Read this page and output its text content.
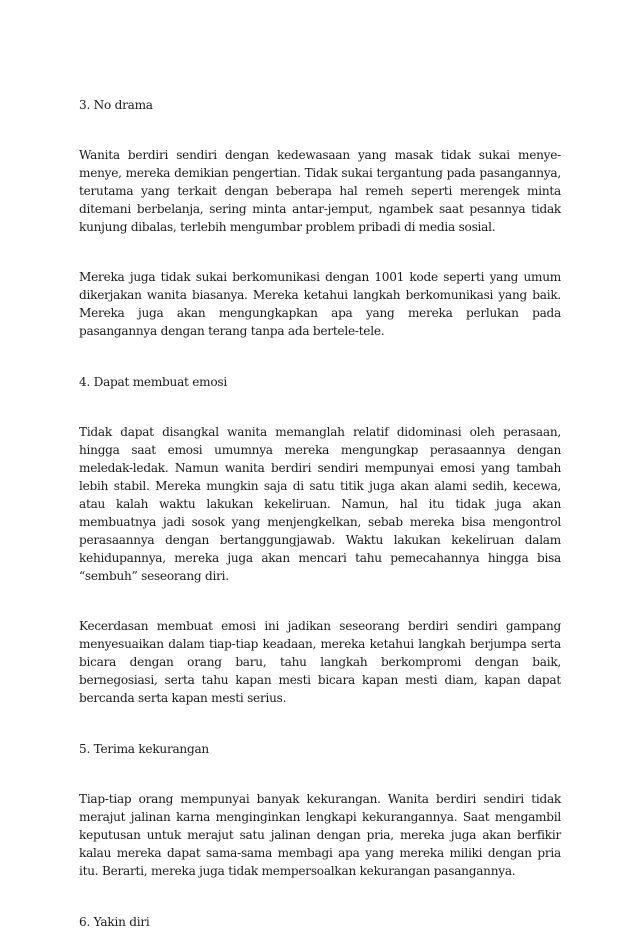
3. No drama

Wanita berdiri sendiri dengan kedewasaan yang masak tidak sukai menye-menye, mereka demikian pengertian. Tidak sukai tergantung pada pasangannya, terutama yang terkait dengan beberapa hal remeh seperti merengek minta ditemani berbelanja, sering minta antar-jemput, ngambek saat pesannya tidak kunjung dibalas, terlebih mengumbar problem pribadi di media sosial.

Mereka juga tidak sukai berkomunikasi dengan 1001 kode seperti yang umum dikerjakan wanita biasanya. Mereka ketahui langkah berkomunikasi yang baik. Mereka juga akan mengungkapkan apa yang mereka perlukan pada pasangannya dengan terang tanpa ada bertele-tele.

4. Dapat membuat emosi

Tidak dapat disangkal wanita memanglah relatif didominasi oleh perasaan, hingga saat emosi umumnya mereka mengungkap perasaannya dengan meledak-ledak. Namun wanita berdiri sendiri mempunyai emosi yang tambah lebih stabil. Mereka mungkin saja di satu titik juga akan alami sedih, kecewa, atau kalah waktu lakukan kekeliruan. Namun, hal itu tidak juga akan membuatnya jadi sosok yang menjengkelkan, sebab mereka bisa mengontrol perasaannya dengan bertanggungjawab. Waktu lakukan kekeliruan dalam kehidupannya, mereka juga akan mencari tahu pemecahannya hingga bisa “sembuh” seseorang diri.

Kecerdasan membuat emosi ini jadikan seseorang berdiri sendiri gampang menyesuaikan dalam tiap-tiap keadaan, mereka ketahui langkah berjumpa serta bicara dengan orang baru, tahu langkah berkompromi dengan baik, bernegosiasi, serta tahu kapan mesti bicara kapan mesti diam, kapan dapat bercanda serta kapan mesti serius.

5. Terima kekurangan

Tiap-tiap orang mempunyai banyak kekurangan. Wanita berdiri sendiri tidak merajut jalinan karna menginginkan lengkapi kekurangannya. Saat mengambil keputusan untuk merajut satu jalinan dengan pria, mereka juga akan berfikir kalau mereka dapat sama-sama membagi apa yang mereka miliki dengan pria itu. Berarti, mereka juga tidak mempersoalkan kekurangan pasangannya.

6. Yakin diri
